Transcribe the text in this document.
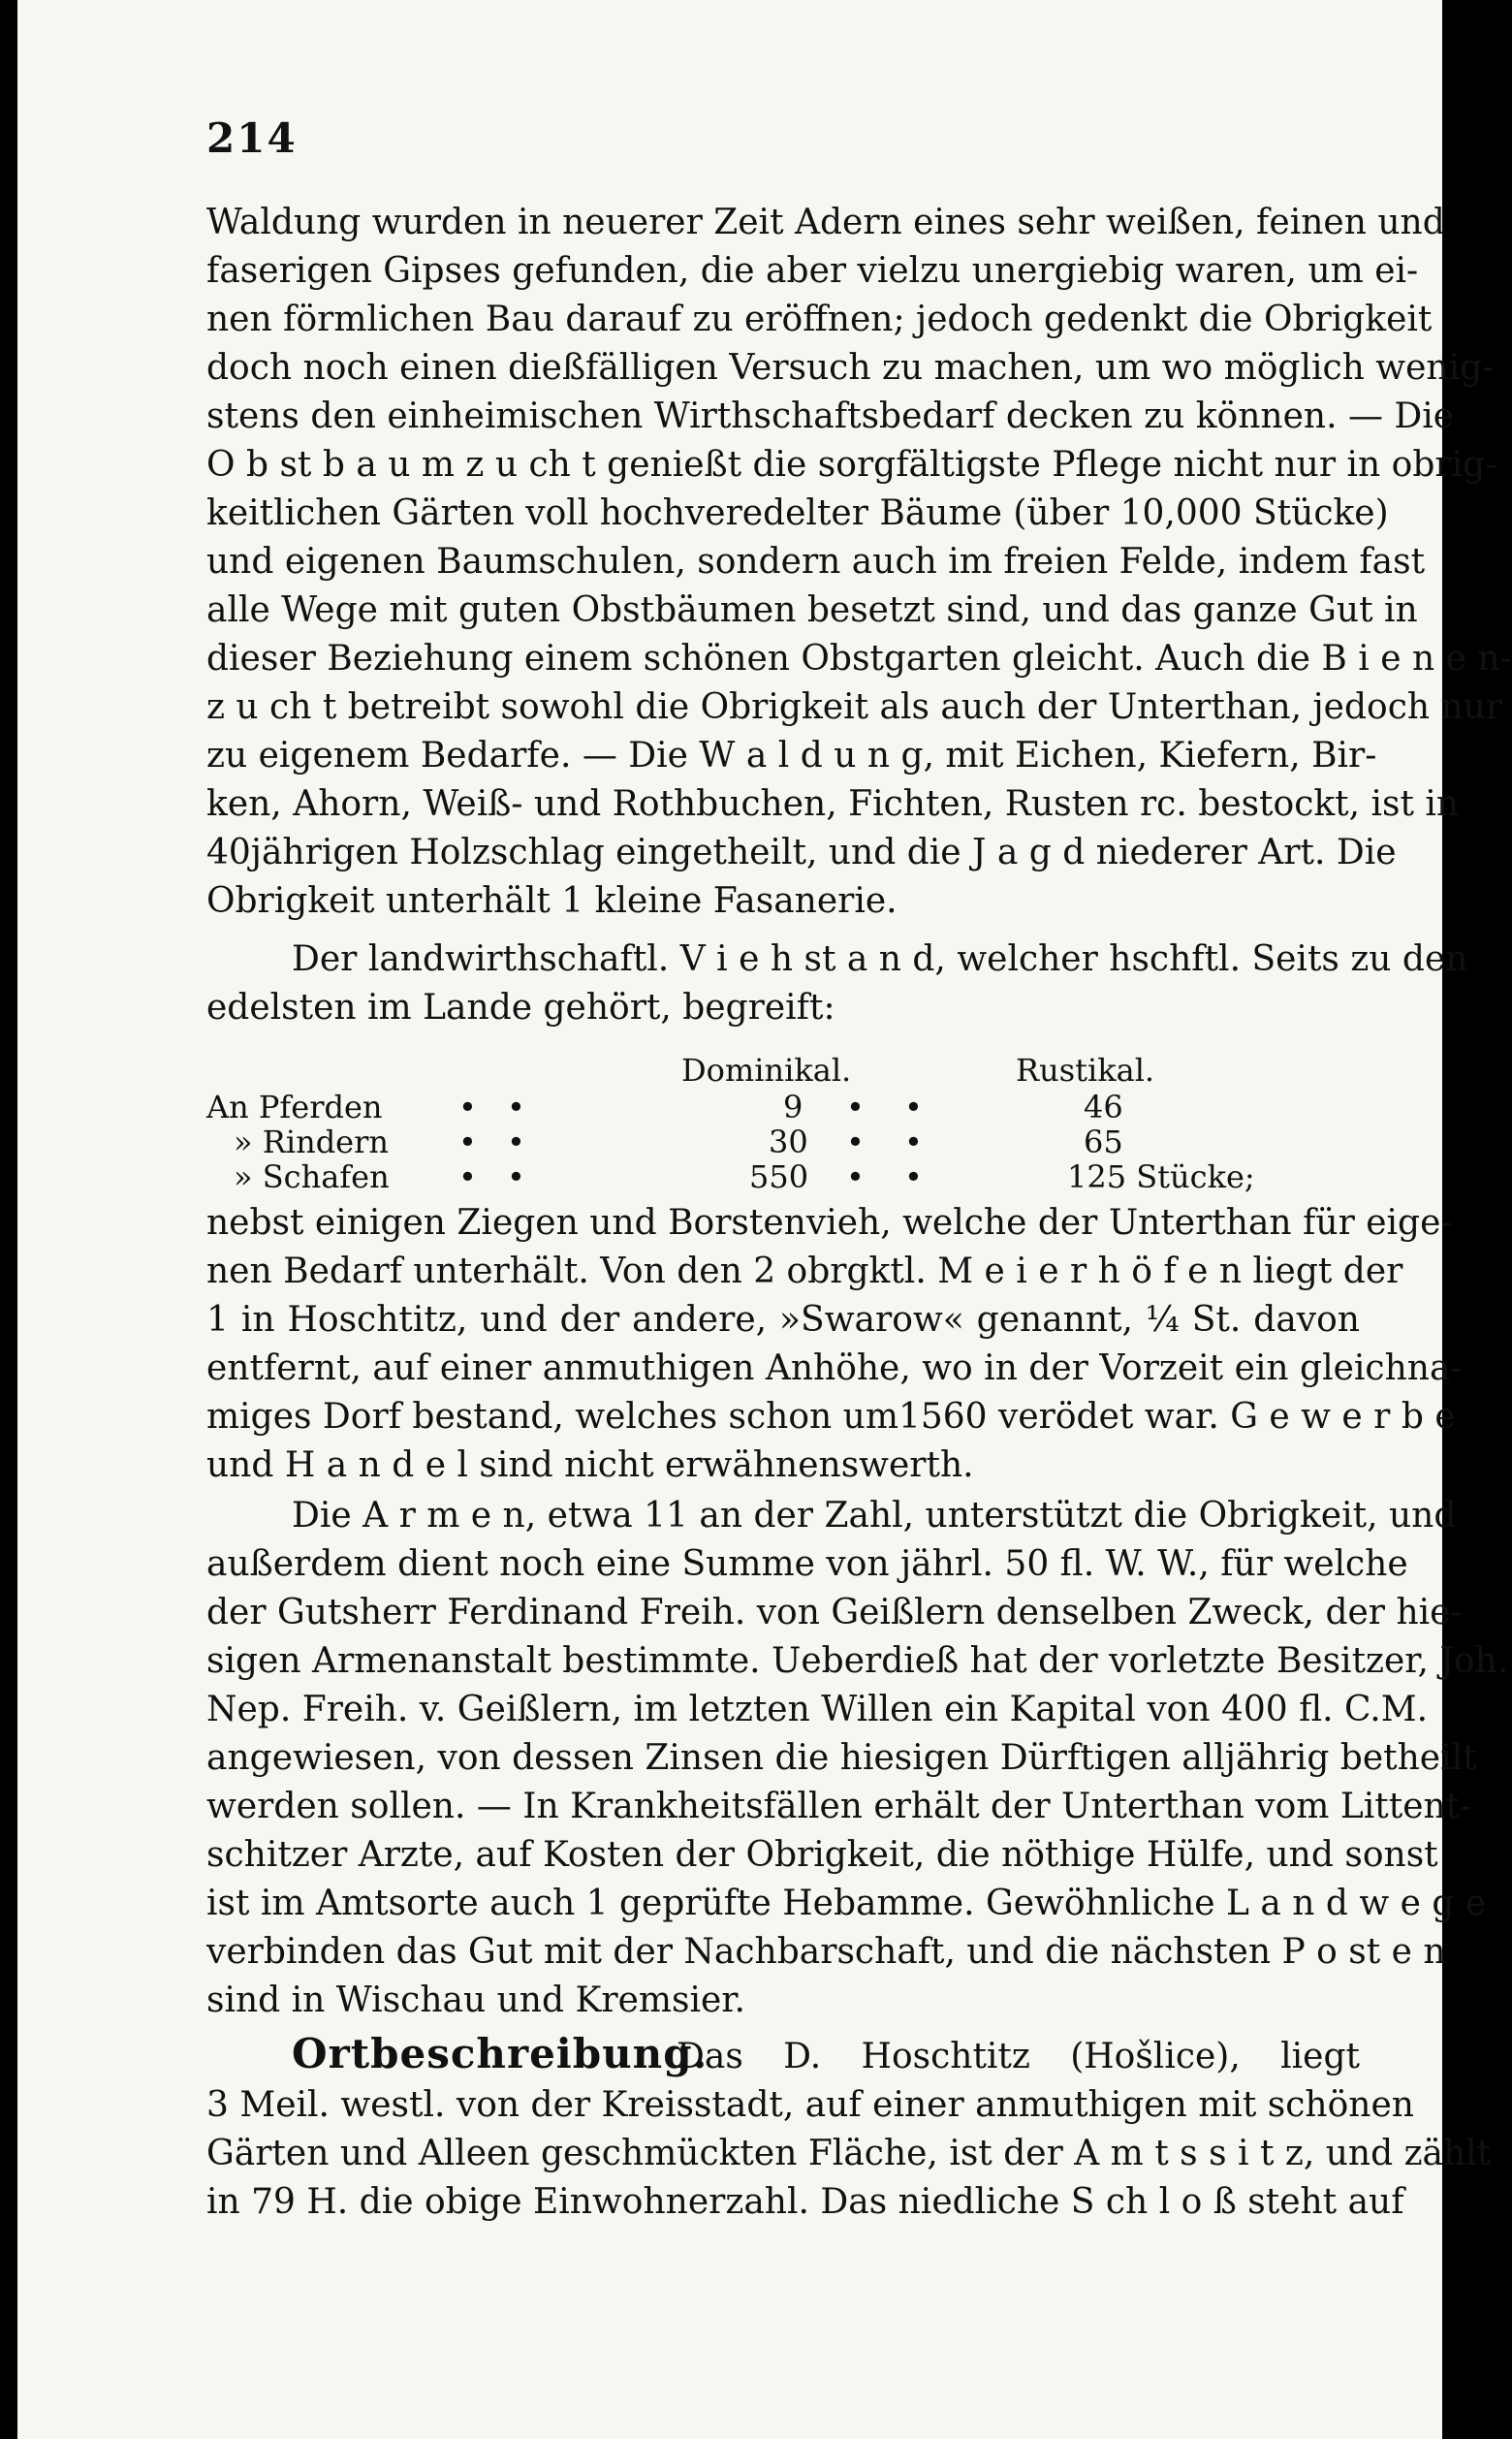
214
Waldung wurden in neuerer Zeit Adern eines sehr weißen, feinen und
faserigen Gipses gefunden, die aber vielzu unergiebig waren, um ei-
nen förmlichen Bau darauf zu eröffnen; jedoch gedenkt die Obrigkeit
doch noch einen dießfälligen Versuch zu machen, um wo möglich wenig-
stens den einheimischen Wirthschaftsbedarf decken zu können. — Die
O b st b a u m z u ch t genießt die sorgfältigste Pflege nicht nur in obrig-
keitlichen Gärten voll hochveredelter Bäume (über 10,000 Stücke)
und eigenen Baumschulen, sondern auch im freien Felde, indem fast
alle Wege mit guten Obstbäumen besetzt sind, und das ganze Gut in
dieser Beziehung einem schönen Obstgarten gleicht. Auch die B i e n e n-
z u ch t betreibt sowohl die Obrigkeit als auch der Unterthan, jedoch nur
zu eigenem Bedarfe. — Die W a l d u n g, mit Eichen, Kiefern, Bir-
ken, Ahorn, Weiß- und Rothbuchen, Fichten, Rusten rc. bestockt, ist in
40jährigen Holzschlag eingetheilt, und die J a g d niederer Art. Die
Obrigkeit unterhält 1 kleine Fasanerie.
Der landwirthschaftl. V i e h st a n d, welcher hschftl. Seits zu den
edelsten im Lande gehört, begreift:
Dominikal.	Rustikal.
An Pferden • •	9 • •	46
» Rindern • •	30 • •	65
» Schafen • •	550 • •	125 Stücke;
nebst einigen Ziegen und Borstenvieh, welche der Unterthan für eige-
nen Bedarf unterhält. Von den 2 obrgktl. M e i e r h ö f e n liegt der
1 in Hoschtitz, und der andere, »Swarow« genannt, ¼ St. davon
entfernt, auf einer anmuthigen Anhöhe, wo in der Vorzeit ein gleichna-
miges Dorf bestand, welches schon um1560 verödet war. G e w e r b e
und H a n d e l sind nicht erwähnenswerth.
Die A r m e n, etwa 11 an der Zahl, unterstützt die Obrigkeit, und
außerdem dient noch eine Summe von jährl. 50 fl. W. W., für welche
der Gutsherr Ferdinand Freih. von Geißlern denselben Zweck, der hie-
sigen Armenanstalt bestimmte. Ueberdieß hat der vorletzte Besitzer, Joh.
Nep. Freih. v. Geißlern, im letzten Willen ein Kapital von 400 fl. C.M.
angewiesen, von dessen Zinsen die hiesigen Dürftigen alljährig betheilt
werden sollen. — In Krankheitsfällen erhält der Unterthan vom Littent-
schitzer Arzte, auf Kosten der Obrigkeit, die nöthige Hülfe, und sonst
ist im Amtsorte auch 1 geprüfte Hebamme. Gewöhnliche L a n d w e g e
verbinden das Gut mit der Nachbarschaft, und die nächsten P o st e n
sind in Wischau und Kremsier.
Ortbeschreibung.
Das D. Hoschtitz (Hošlice), liegt
3 Meil. westl. von der Kreisstadt, auf einer anmuthigen mit schönen
Gärten und Alleen geschmückten Fläche, ist der A m t s s i t z, und zählt
in 79 H. die obige Einwohnerzahl. Das niedliche S ch l o ß steht auf
